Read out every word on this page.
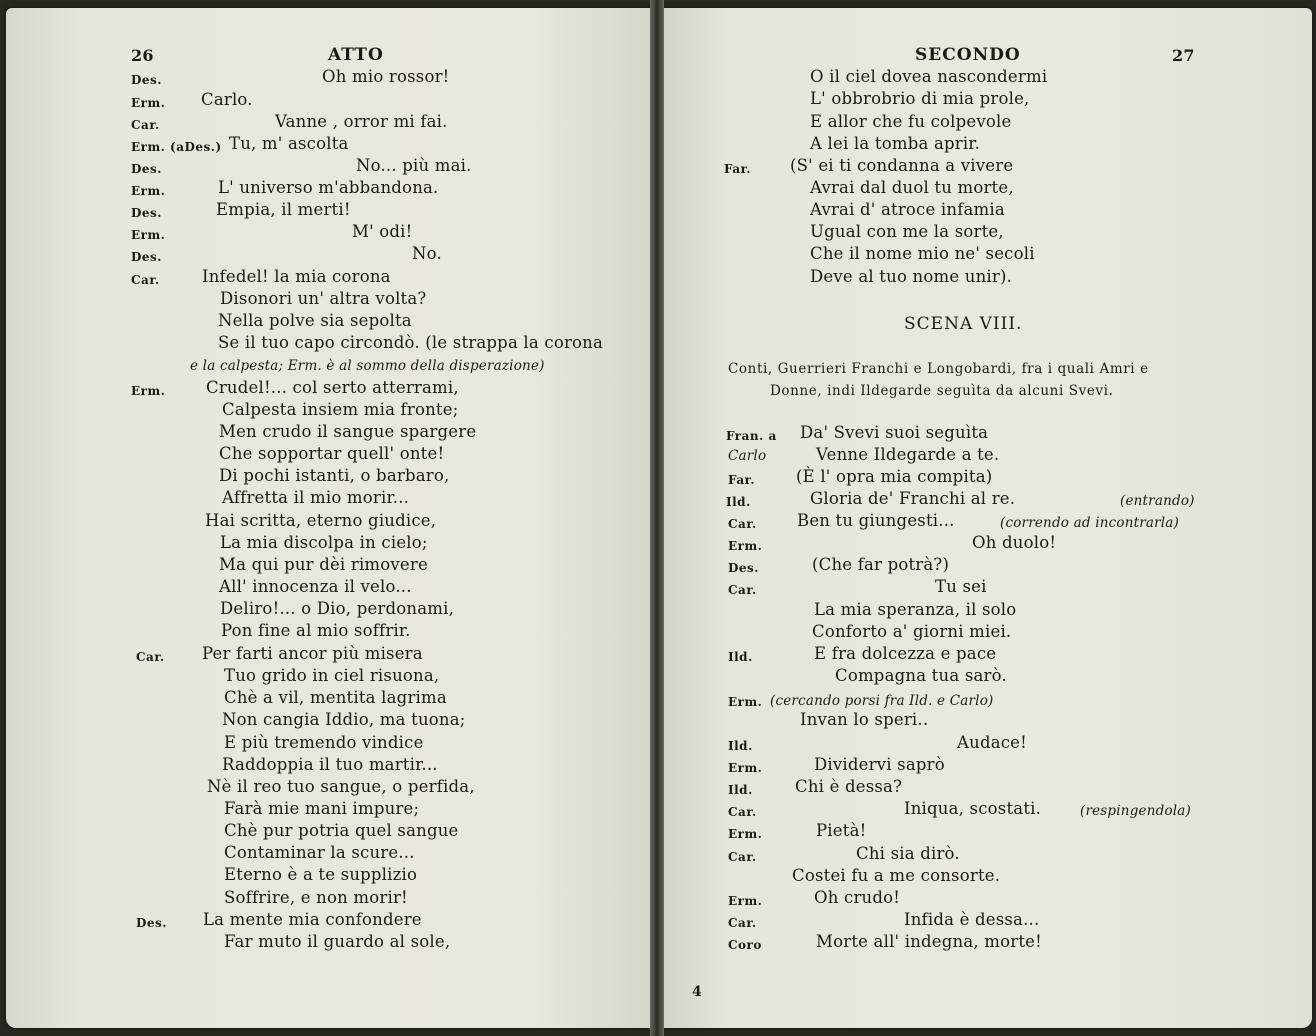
26	ATTO
Des.	Oh mio rossor!
Erm. Carlo.
Car.	Vanne , orror mi fai.
Erm. (aDes.) Tu, m' ascolta
Des.	No... più mai.
Erm.	L' universo m'abbandona.
Des.	Empia, il merti!
Erm.	M' odi!
Des.	No.
Car.	Infedel! la mia corona
Disonori un' altra volta?
Nella polve sia sepolta
Se il tuo capo circondò. (le strappa la corona
e la calpesta; Erm. è al sommo della disperazione)
Erm. Crudel!... col serto atterrami,
Calpesta insiem mia fronte;
Men crudo il sangue spargere
Che sopportar quell' onte!
Di pochi istanti, o barbaro,
Affretta il mio morir...
Hai scritta, eterno giudice,
La mia discolpa in cielo;
Ma qui pur dèi rimovere
All' innocenza il velo...
Deliro!... o Dio, perdonami,
Pon fine al mio soffrir.
Car. Per farti ancor più misera
Tuo grido in ciel risuona,
Chè a vil, mentita lagrima
Non cangia Iddio, ma tuona;
E più tremendo vindice
Raddoppia il tuo martir...
Nè il reo tuo sangue, o perfida,
Farà mie mani impure;
Chè pur potria quel sangue
Contaminar la scure...
Eterno è a te supplizio
Soffrire, e non morir!
Des. La mente mia confondere
Far muto il guardo al sole,
SECONDO	27
O il ciel dovea nascondermi
L' obbrobrio di mia prole,
E allor che fu colpevole
A lei la tomba aprir.
Far. (S' ei ti condanna a vivere
Avrai dal duol tu morte,
Avrai d' atroce infamia
Ugual con me la sorte,
Che il nome mio ne' secoli
Deve al tuo nome unir).
SCENA VIII.
Conti, Guerrieri Franchi e Longobardi, fra i quali Amri e
Donne, indi Ildegarde seguìta da alcuni Svevi.
Fran. a Da' Svevi suoi seguìta
Carlo	Venne Ildegarde a te.
Far. (È l' opra mia compita)
Ild.	Gloria de' Franchi al re.	(entrando)
Car. Ben tu giungesti...	(correndo ad incontrarla)
Erm.	Oh duolo!
Des.	(Che far potrà?)
Car.	Tu sei
La mia speranza, il solo
Conforto a' giorni miei.
Ild.	E fra dolcezza e pace
Compagna tua sarò.
Erm. (cercando porsi fra Ild. e Carlo)
Invan lo speri..
Ild.	Audace!
Erm.	Dividervi saprò
Ild.	Chi è dessa?
Car.	Iniqua, scostati.	(respingendola)
Erm.	Pietà!
Car.	Chi sia dirò.
Costei fu a me consorte.
Erm.	Oh crudo!
Car.	Infida è dessa...
Coro	Morte all' indegna, morte!
4
